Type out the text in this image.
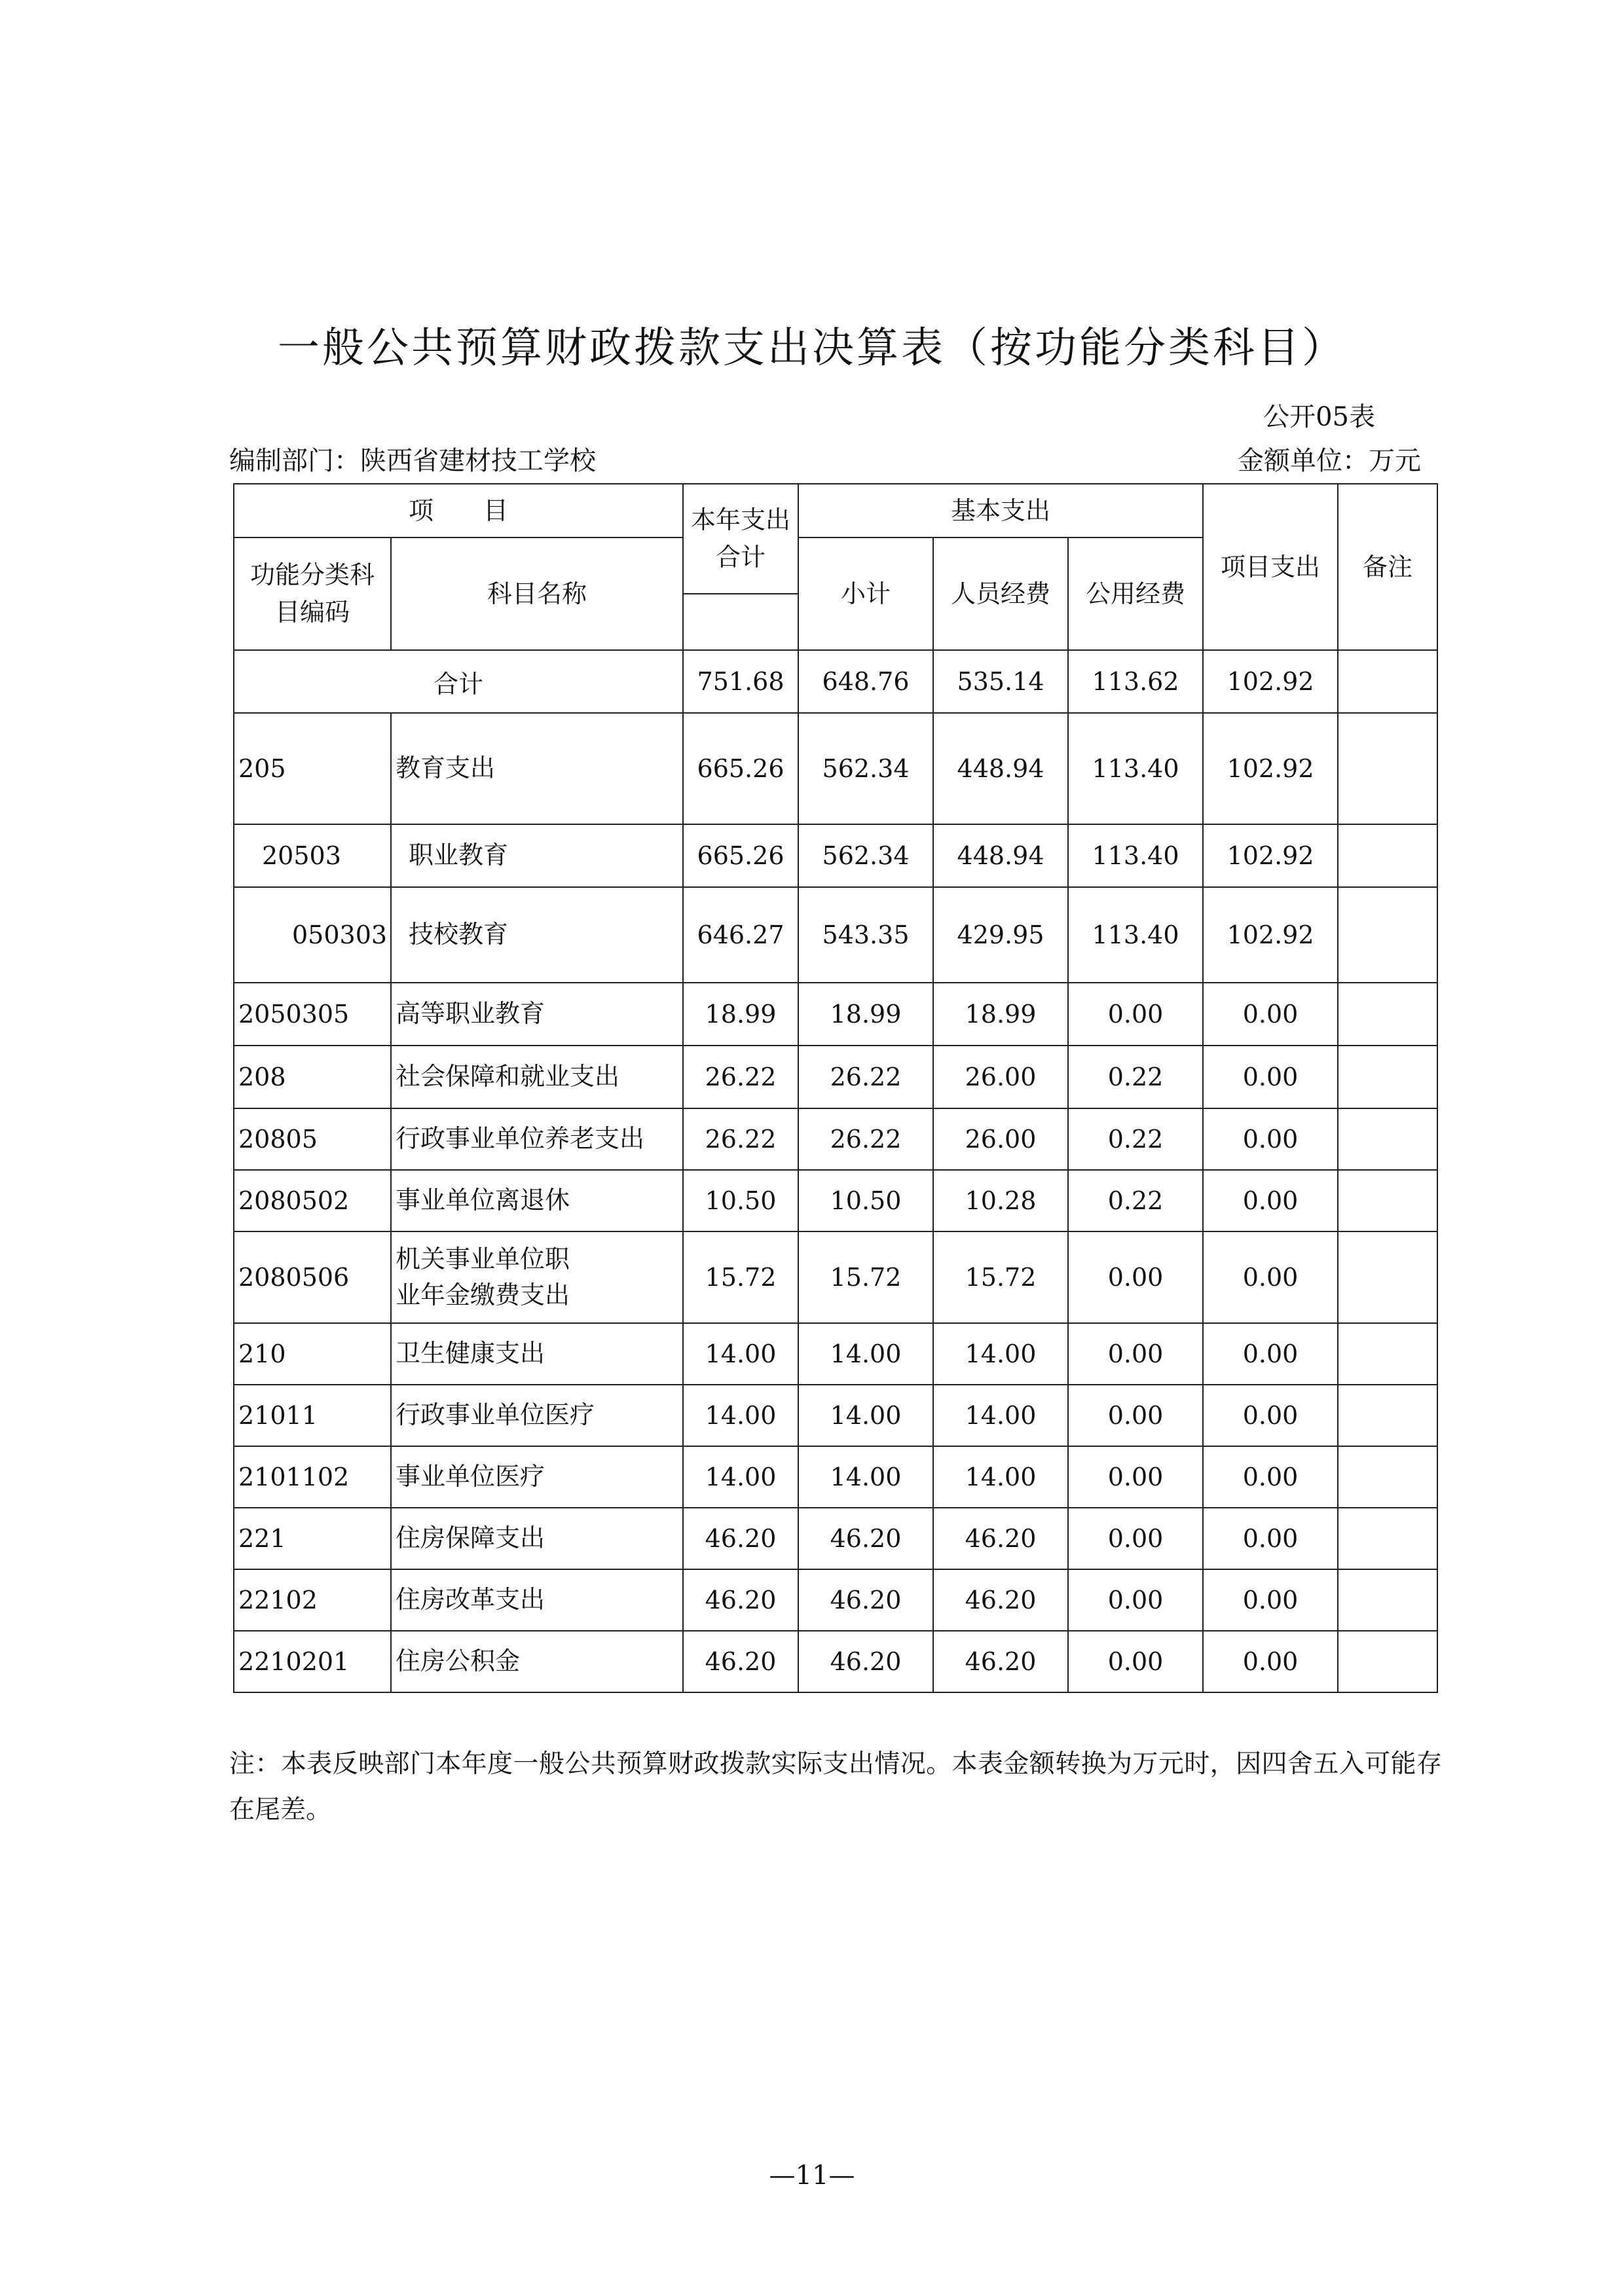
一般公共预算财政拨款支出决算表（按功能分类科目）
公开05表
编制部门：陕西省建材技工学校	金额单位：万元
项　　目		本年支出合计	基本支出			项目支出	备注
功能分类科目编码	科目名称		小计	人员经费	公用经费		

合计		751.68	648.76	535.14	113.62	102.92	
205	教育支出	665.26	562.34	448.94	113.40	102.92	
20503	职业教育	665.26	562.34	448.94	113.40	102.92	
050303	技校教育	646.27	543.35	429.95	113.40	102.92	
2050305	高等职业教育	18.99	18.99	18.99	0.00	0.00	
208	社会保障和就业支出	26.22	26.22	26.00	0.22	0.00	
20805	行政事业单位养老支出	26.22	26.22	26.00	0.22	0.00	
2080502	事业单位离退休	10.50	10.50	10.28	0.22	0.00	
2080506	机关事业单位职
业年金缴费支出	15.72	15.72	15.72	0.00	0.00	
210	卫生健康支出	14.00	14.00	14.00	0.00	0.00	
21011	行政事业单位医疗	14.00	14.00	14.00	0.00	0.00	
2101102	事业单位医疗	14.00	14.00	14.00	0.00	0.00	
221	住房保障支出	46.20	46.20	46.20	0.00	0.00	
22102	住房改革支出	46.20	46.20	46.20	0.00	0.00	
2210201	住房公积金	46.20	46.20	46.20	0.00	0.00	
注：本表反映部门本年度一般公共预算财政拨款实际支出情况。本表金额转换为万元时，因四舍五入可能存在尾差。
—11—
